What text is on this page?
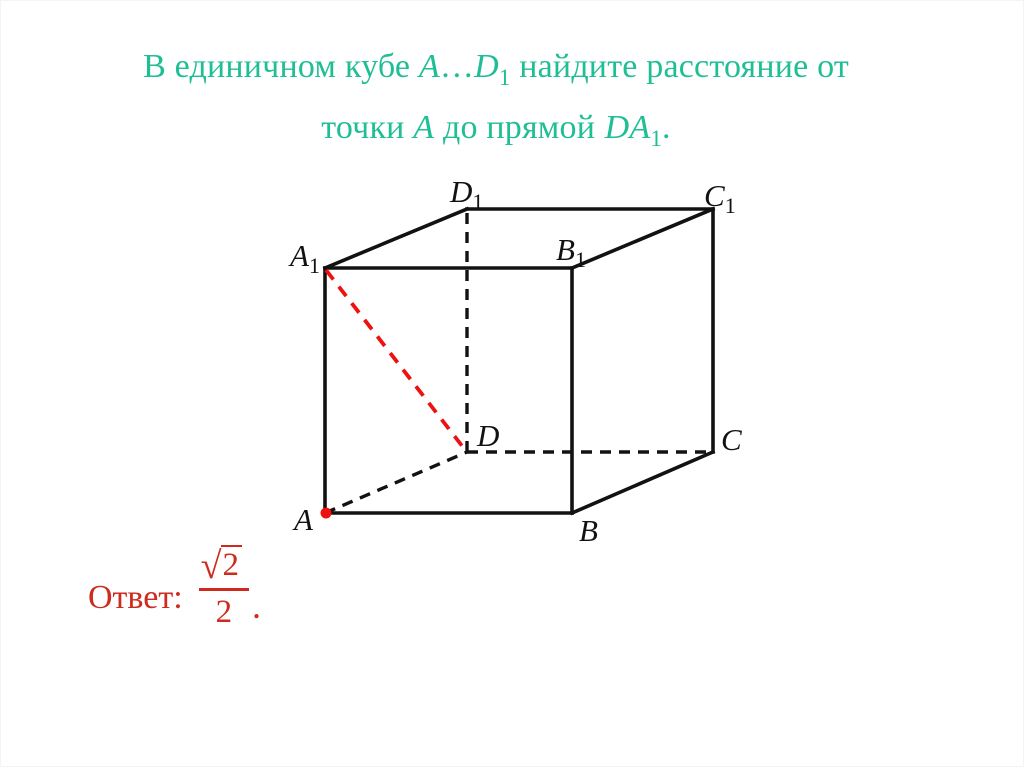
В единичном кубе $A\dots D_1$ найдите расстояние от
точки A до прямой $DA_1$.
$D_1$	$C_1$
$A_1$	$B_1$
D	C
A	B
Ответ: $\frac{√ 2}{2}$ .
